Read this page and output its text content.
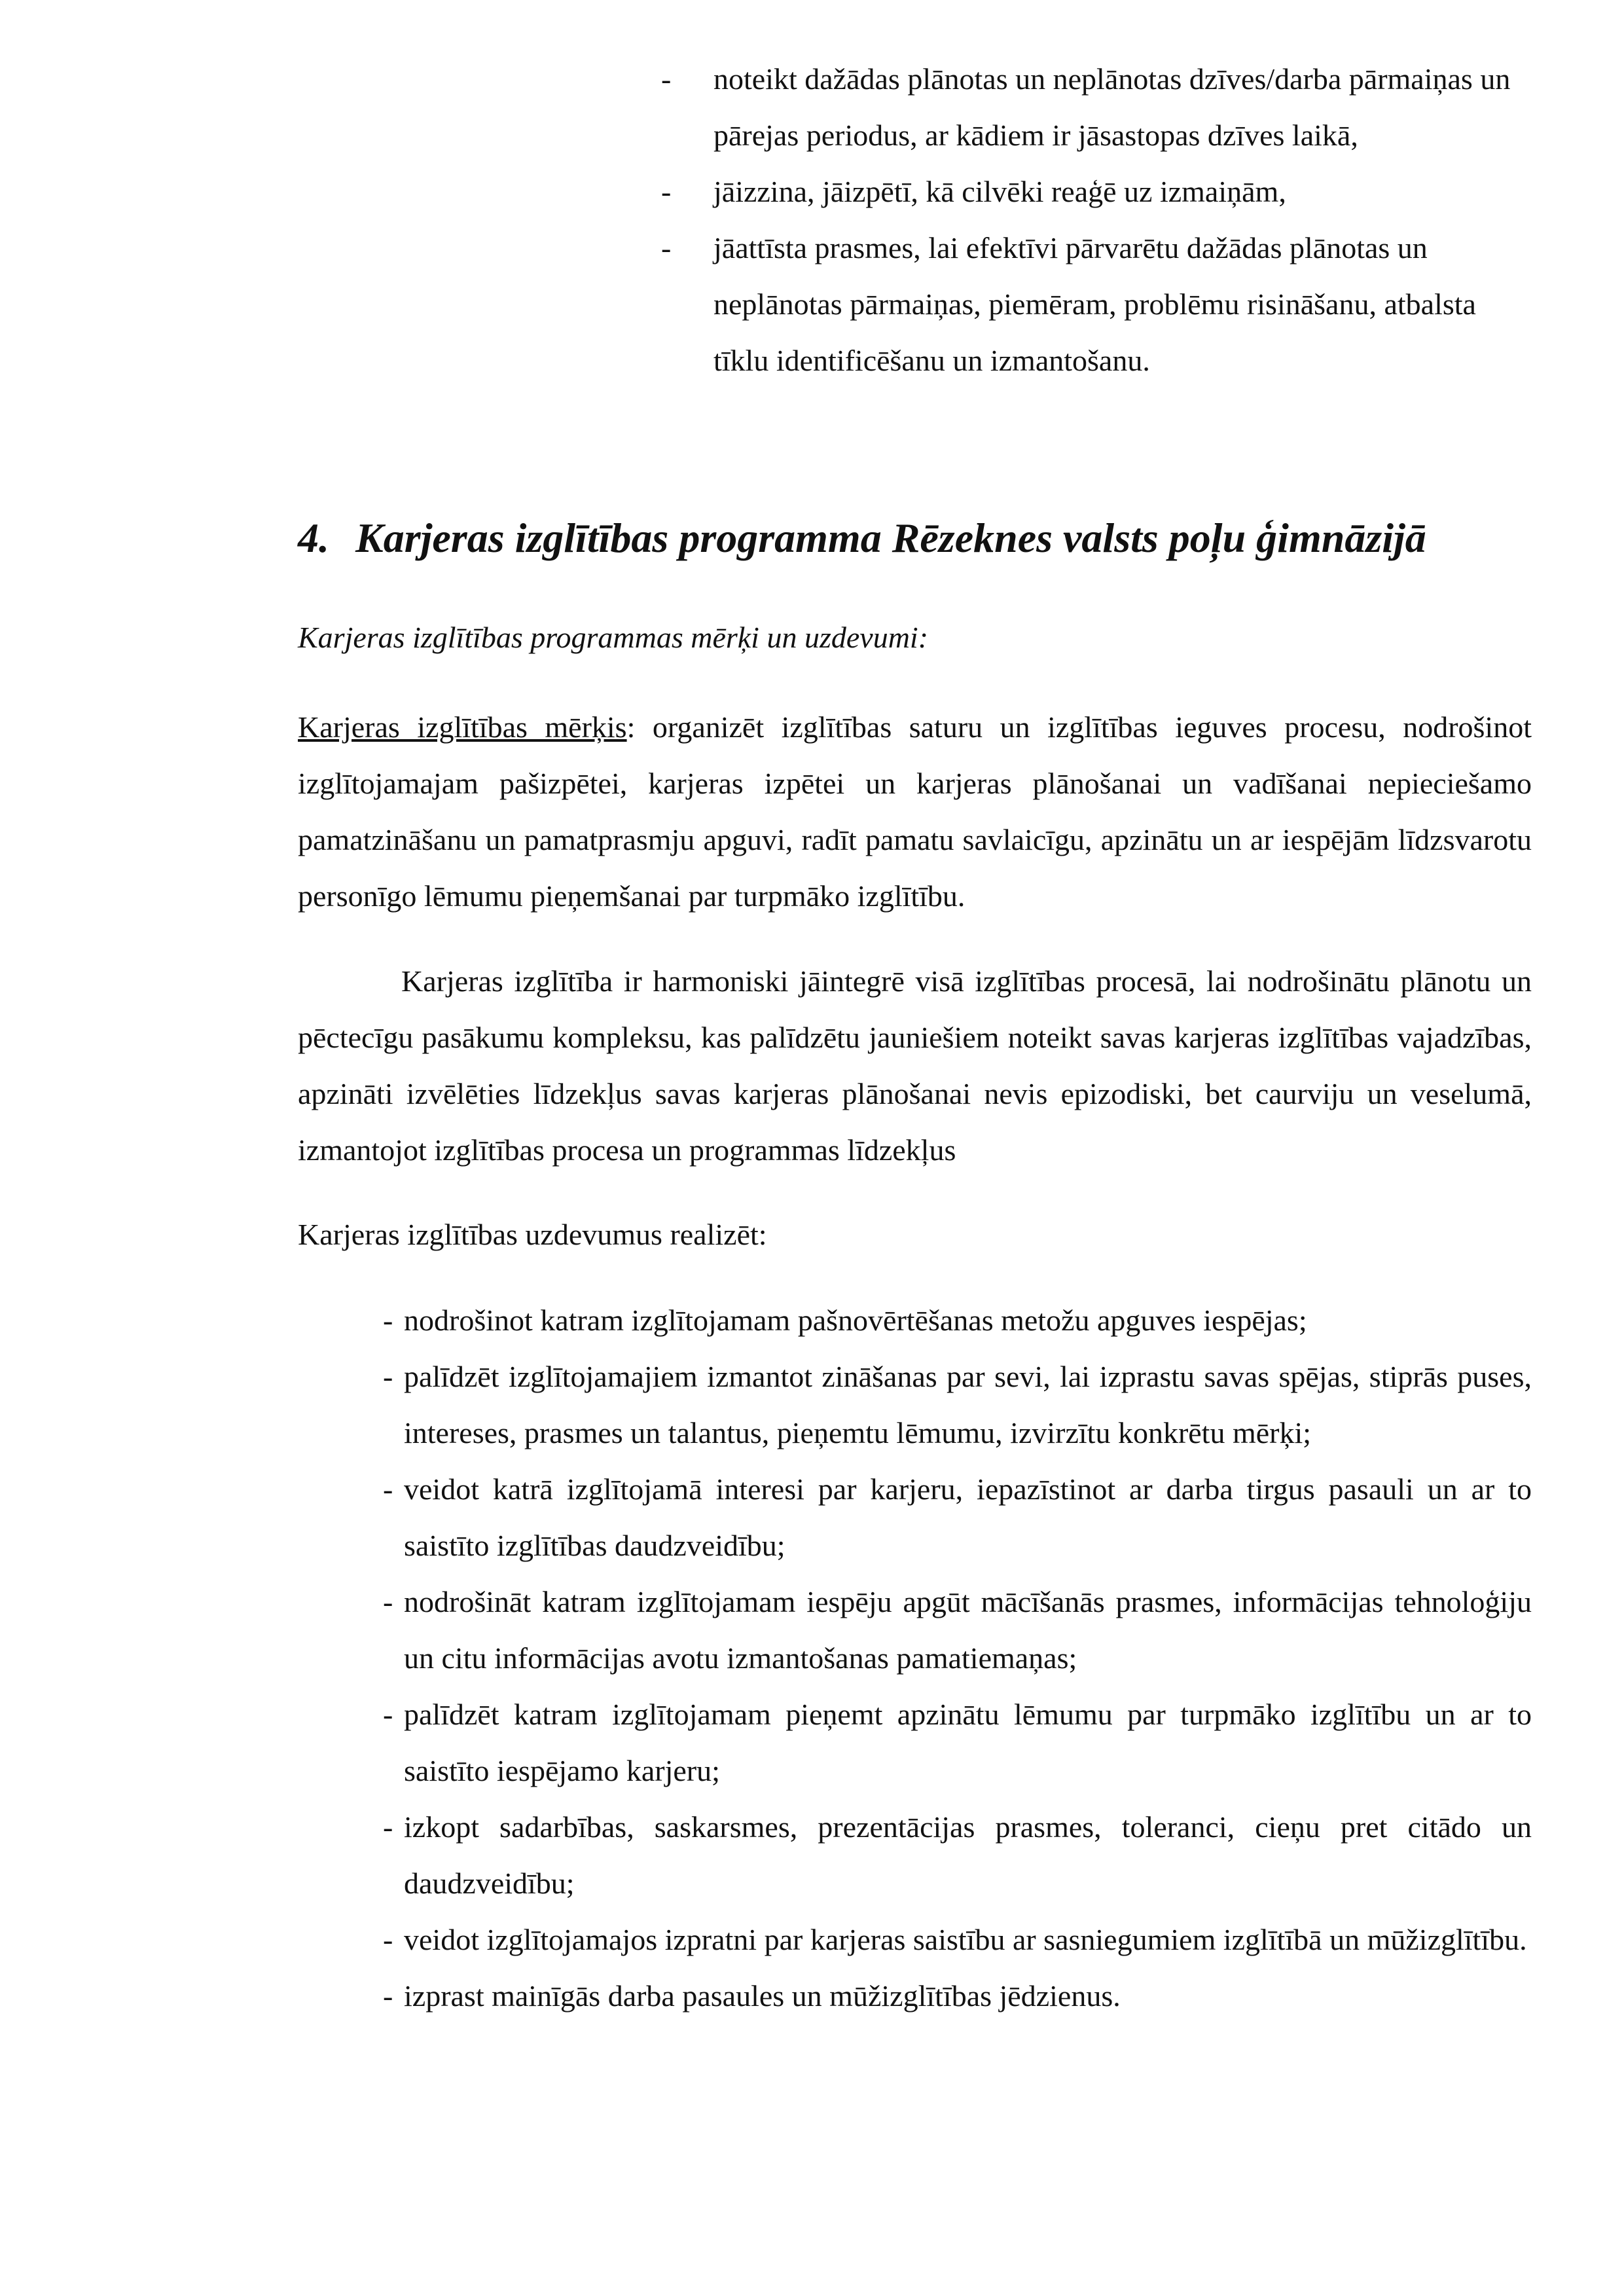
- noteikt dažādas plānotas un neplānotas dzīves/darba pārmaiņas un pārejas periodus, ar kādiem ir jāsastopas dzīves laikā,
- jāizzina, jāizpētī, kā cilvēki reaģē uz izmaiņām,
- jāattīsta prasmes, lai efektīvi pārvarētu dažādas plānotas un neplānotas pārmaiņas, piemēram, problēmu risināšanu, atbalsta tīklu identificēšanu un izmantošanu.
4. Karjeras izglītības programma Rēzeknes valsts poļu ģimnāzijā

Karjeras izglītības programmas mērķi un uzdevumi:

Karjeras izglītības mērķis: organizēt izglītības saturu un izglītības ieguves procesu, nodrošinot izglītojamajam pašizpētei, karjeras izpētei un karjeras plānošanai un vadīšanai nepieciešamo pamatzināšanu un pamatprasmju apguvi, radīt pamatu savlaicīgu, apzinātu un ar iespējām līdzsvarotu personīgo lēmumu pieņemšanai par turpmāko izglītību.

Karjeras izglītība ir harmoniski jāintegrē visā izglītības procesā, lai nodrošinātu plānotu un pēctecīgu pasākumu kompleksu, kas palīdzētu jauniešiem noteikt savas karjeras izglītības vajadzības, apzināti izvēlēties līdzekļus savas karjeras plānošanai nevis epizodiski, bet caurviju un veselumā, izmantojot izglītības procesa un programmas līdzekļus

Karjeras izglītības uzdevumus realizēt:

- nodrošinot katram izglītojamam pašnovērtēšanas metožu apguves iespējas;
- palīdzēt izglītojamajiem izmantot zināšanas par sevi, lai izprastu savas spējas, stiprās puses, intereses, prasmes un talantus, pieņemtu lēmumu, izvirzītu konkrētu mērķi;
- veidot katrā izglītojamā interesi par karjeru, iepazīstinot ar darba tirgus pasauli un ar to saistīto izglītības daudzveidību;
- nodrošināt katram izglītojamam iespēju apgūt mācīšanās prasmes, informācijas tehnoloģiju un citu informācijas avotu izmantošanas pamatiemaņas;
- palīdzēt katram izglītojamam pieņemt apzinātu lēmumu par turpmāko izglītību un ar to saistīto iespējamo karjeru;
- izkopt sadarbības, saskarsmes, prezentācijas prasmes, toleranci, cieņu pret citādo un daudzveidību;
- veidot izglītojamajos izpratni par karjeras saistību ar sasniegumiem izglītībā un mūžizglītību.
- izprast mainīgās darba pasaules un mūžizglītības jēdzienus.
